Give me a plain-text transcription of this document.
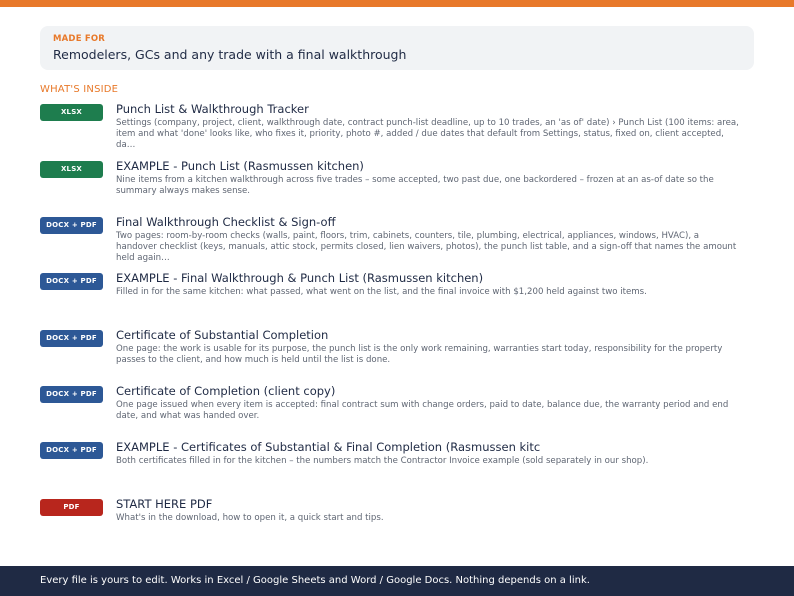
MADE FOR
Remodelers, GCs and any trade with a final walkthrough
WHAT'S INSIDE
XLSX	Punch List & Walkthrough Tracker
Settings (company, project, client, walkthrough date, contract punch-list deadline, up to 10 trades, an 'as of' date) › Punch List (100 items: area, item and what 'done' looks like, who fixes it, priority, photo #, added / due dates that default from Settings, status, fixed on, client accepted, da…
XLSX	EXAMPLE - Punch List (Rasmussen kitchen)
Nine items from a kitchen walkthrough across five trades – some accepted, two past due, one backordered – frozen at an as-of date so the summary always makes sense.
DOCX + PDF	Final Walkthrough Checklist & Sign-off
Two pages: room-by-room checks (walls, paint, floors, trim, cabinets, counters, tile, plumbing, electrical, appliances, windows, HVAC), a handover checklist (keys, manuals, attic stock, permits closed, lien waivers, photos), the punch list table, and a sign-off that names the amount held again…
DOCX + PDF	EXAMPLE - Final Walkthrough & Punch List (Rasmussen kitchen)
Filled in for the same kitchen: what passed, what went on the list, and the final invoice with $1,200 held against two items.
DOCX + PDF	Certificate of Substantial Completion
One page: the work is usable for its purpose, the punch list is the only work remaining, warranties start today, responsibility for the property passes to the client, and how much is held until the list is done.
DOCX + PDF	Certificate of Completion (client copy)
One page issued when every item is accepted: final contract sum with change orders, paid to date, balance due, the warranty period and end date, and what was handed over.
DOCX + PDF	EXAMPLE - Certificates of Substantial & Final Completion (Rasmussen kitc
Both certificates filled in for the kitchen – the numbers match the Contractor Invoice example (sold separately in our shop).
PDF	START HERE PDF
What's in the download, how to open it, a quick start and tips.
Every file is yours to edit. Works in Excel / Google Sheets and Word / Google Docs. Nothing depends on a link.
